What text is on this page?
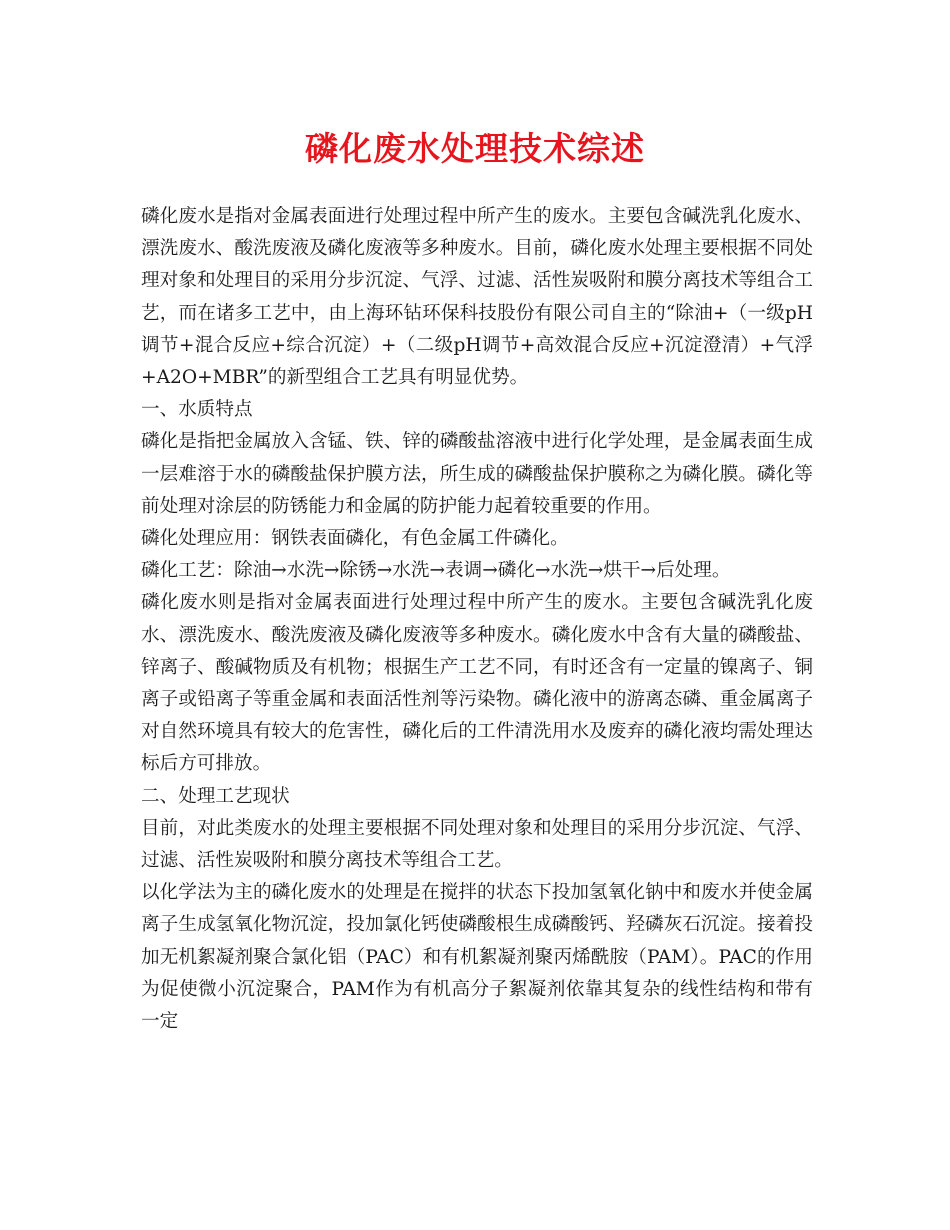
磷化废水处理技术综述

磷化废水是指对金属表面进行处理过程中所产生的废水。主要包含碱洗乳化废水、漂洗废水、酸洗废液及磷化废液等多种废水。目前，磷化废水处理主要根据不同处理对象和处理目的采用分步沉淀、气浮、过滤、活性炭吸附和膜分离技术等组合工艺，而在诸多工艺中，由上海环钻环保科技股份有限公司自主的“除油+（一级pH调节+混合反应+综合沉淀）+（二级pH调节+高效混合反应+沉淀澄清）+气浮+A2O+MBR”的新型组合工艺具有明显优势。

一、水质特点

磷化是指把金属放入含锰、铁、锌的磷酸盐溶液中进行化学处理，是金属表面生成一层难溶于水的磷酸盐保护膜方法，所生成的磷酸盐保护膜称之为磷化膜。磷化等前处理对涂层的防锈能力和金属的防护能力起着较重要的作用。

磷化处理应用：钢铁表面磷化，有色金属工件磷化。

磷化工艺：除油→水洗→除锈→水洗→表调→磷化→水洗→烘干→后处理。

磷化废水则是指对金属表面进行处理过程中所产生的废水。主要包含碱洗乳化废水、漂洗废水、酸洗废液及磷化废液等多种废水。磷化废水中含有大量的磷酸盐、锌离子、酸碱物质及有机物；根据生产工艺不同，有时还含有一定量的镍离子、铜离子或铅离子等重金属和表面活性剂等污染物。磷化液中的游离态磷、重金属离子对自然环境具有较大的危害性，磷化后的工件清洗用水及废弃的磷化液均需处理达标后方可排放。

二、处理工艺现状

目前，对此类废水的处理主要根据不同处理对象和处理目的采用分步沉淀、气浮、过滤、活性炭吸附和膜分离技术等组合工艺。

以化学法为主的磷化废水的处理是在搅拌的状态下投加氢氧化钠中和废水并使金属离子生成氢氧化物沉淀，投加氯化钙使磷酸根生成磷酸钙、羟磷灰石沉淀。接着投加无机絮凝剂聚合氯化铝（PAC）和有机絮凝剂聚丙烯酰胺（PAM）。PAC的作用为促使微小沉淀聚合，PAM作为有机高分子絮凝剂依靠其复杂的线性结构和带有一定
